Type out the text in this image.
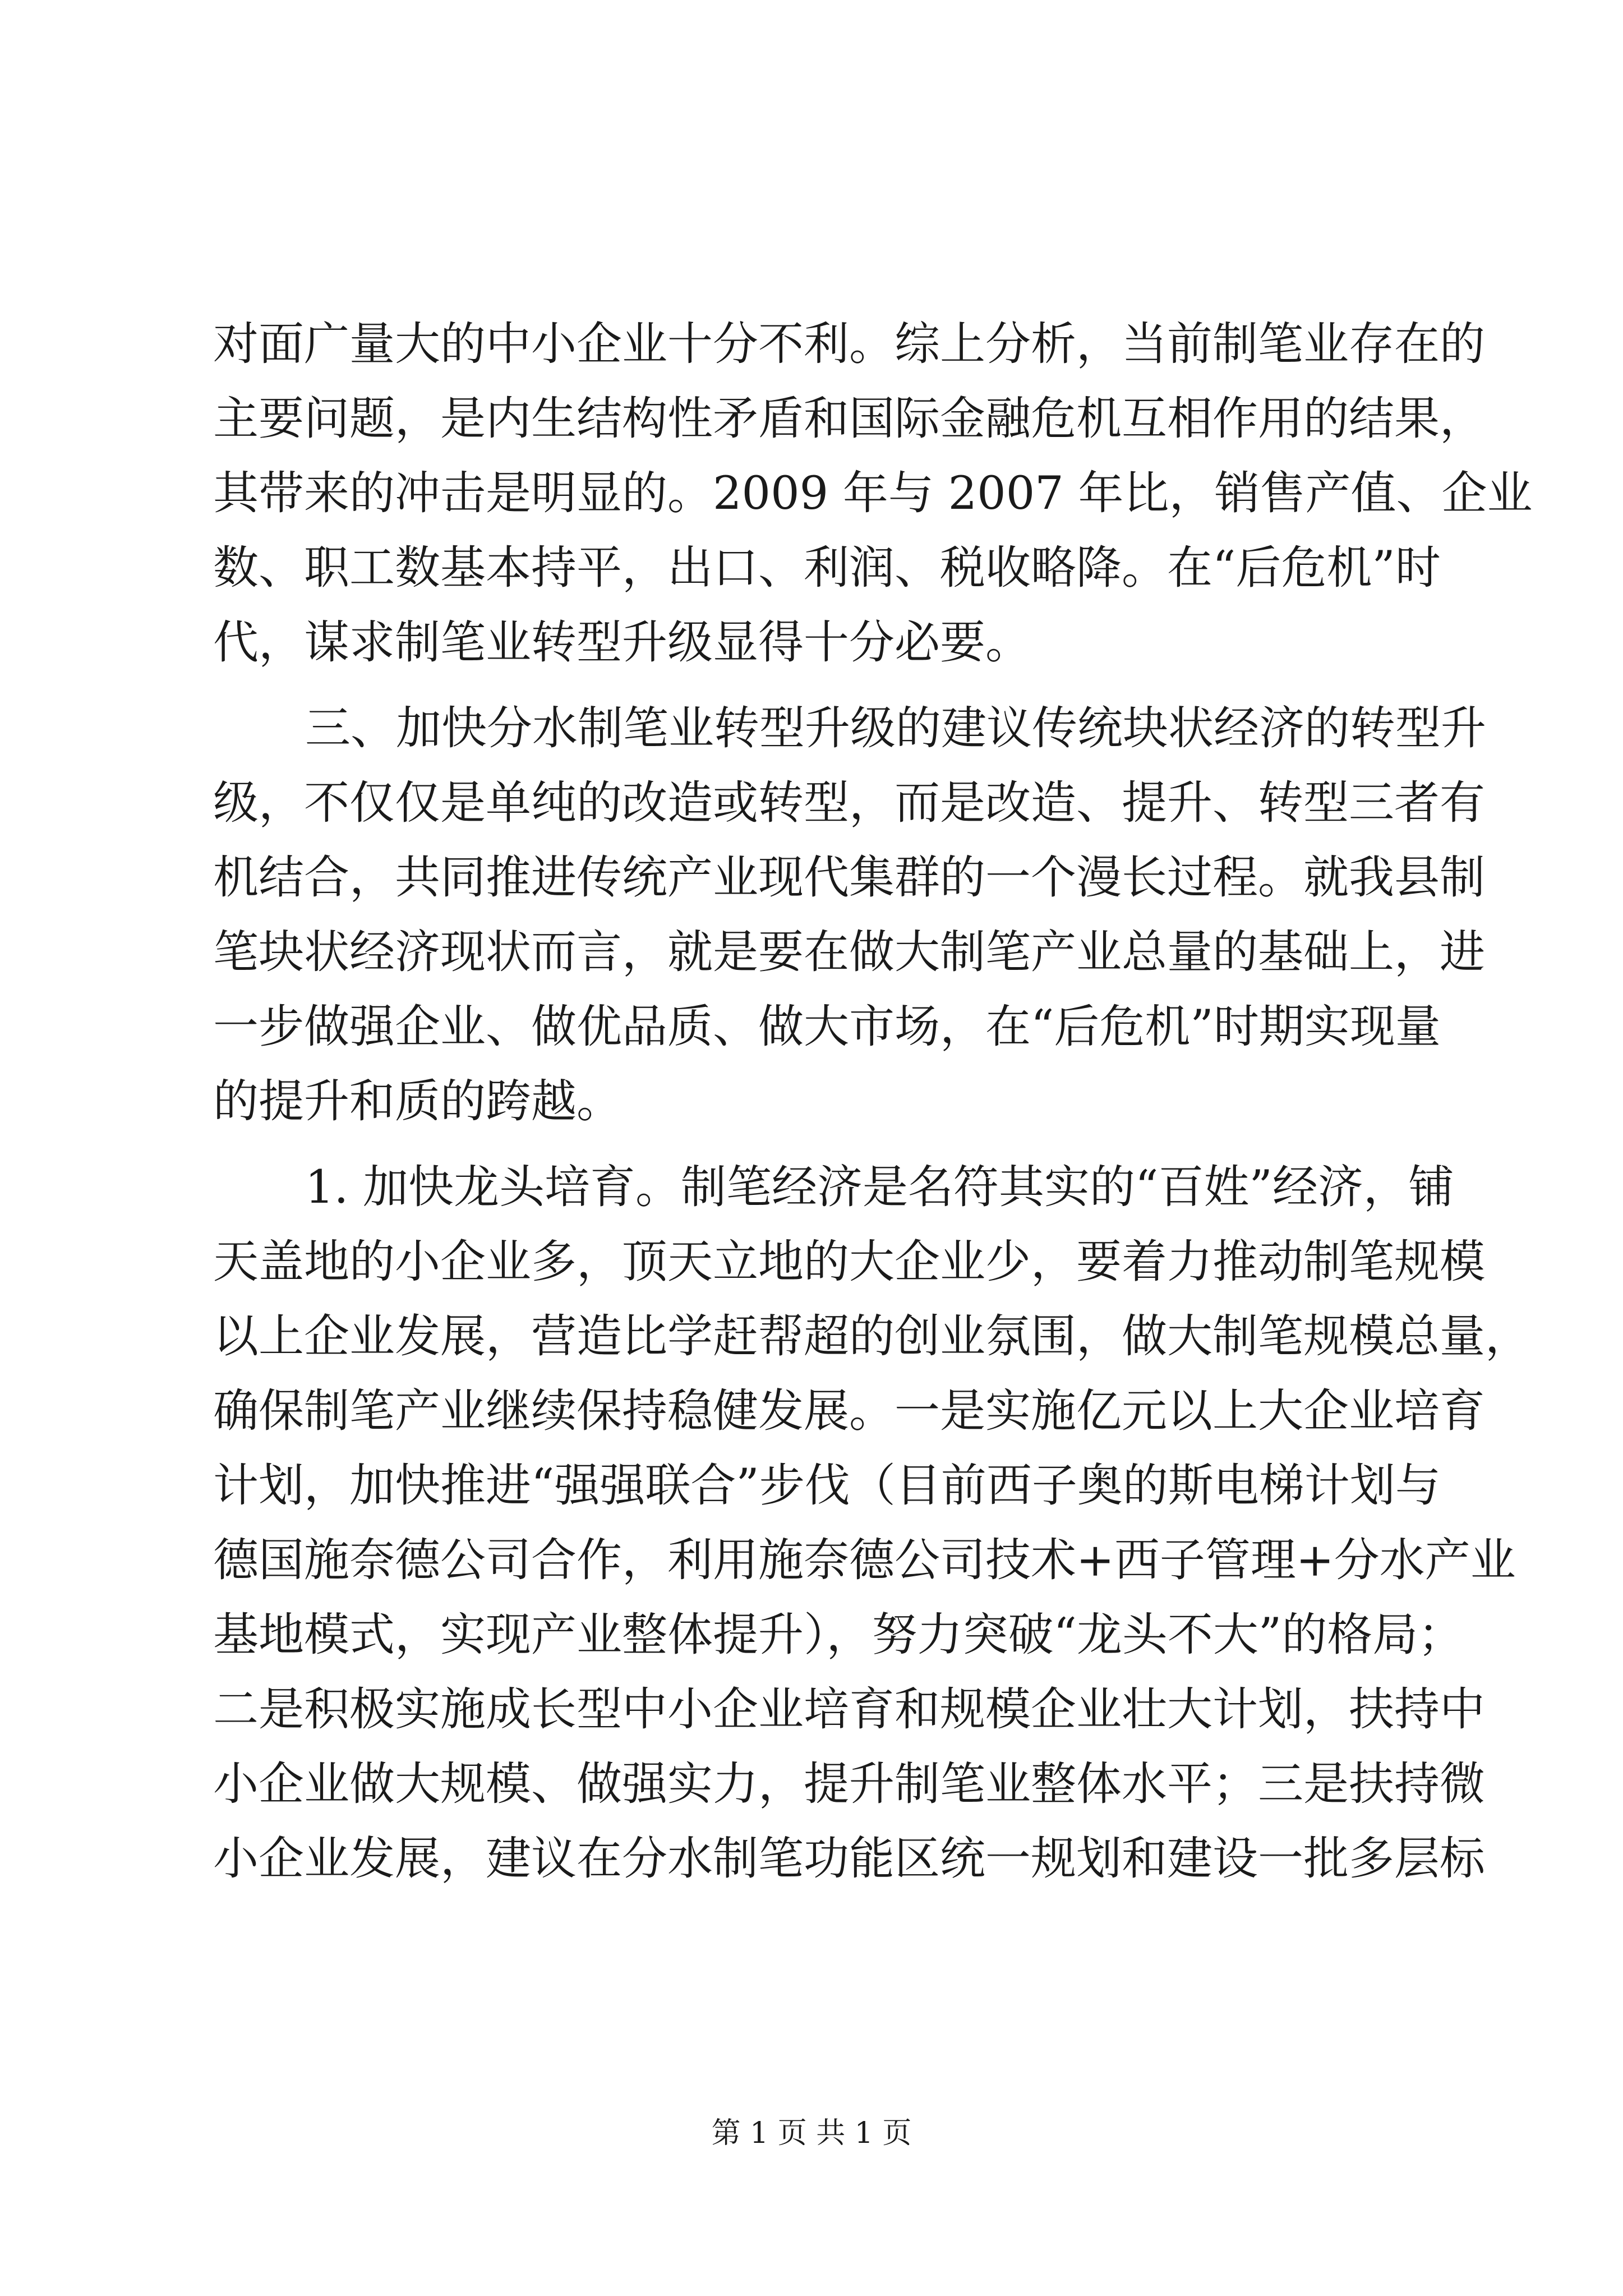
对面广量大的中小企业十分不利。综上分析，当前制笔业存在的
主要问题，是内生结构性矛盾和国际金融危机互相作用的结果，
其带来的冲击是明显的。2009 年与 2007 年比，销售产值、企业
数、职工数基本持平，出口、利润、税收略降。在“后危机”时
代，谋求制笔业转型升级显得十分必要。
三、加快分水制笔业转型升级的建议传统块状经济的转型升
级，不仅仅是单纯的改造或转型，而是改造、提升、转型三者有
机结合，共同推进传统产业现代集群的一个漫长过程。就我县制
笔块状经济现状而言，就是要在做大制笔产业总量的基础上，进
一步做强企业、做优品质、做大市场，在“后危机”时期实现量
的提升和质的跨越。
1. 加快龙头培育。制笔经济是名符其实的“百姓”经济，铺
天盖地的小企业多，顶天立地的大企业少，要着力推动制笔规模
以上企业发展，营造比学赶帮超的创业氛围，做大制笔规模总量，
确保制笔产业继续保持稳健发展。一是实施亿元以上大企业培育
计划，加快推进“强强联合”步伐（目前西子奥的斯电梯计划与
德国施奈德公司合作，利用施奈德公司技术+西子管理+分水产业
基地模式，实现产业整体提升），努力突破“龙头不大”的格局；
二是积极实施成长型中小企业培育和规模企业壮大计划，扶持中
小企业做大规模、做强实力，提升制笔业整体水平；三是扶持微
小企业发展，建议在分水制笔功能区统一规划和建设一批多层标
第 1 页 共 1 页
